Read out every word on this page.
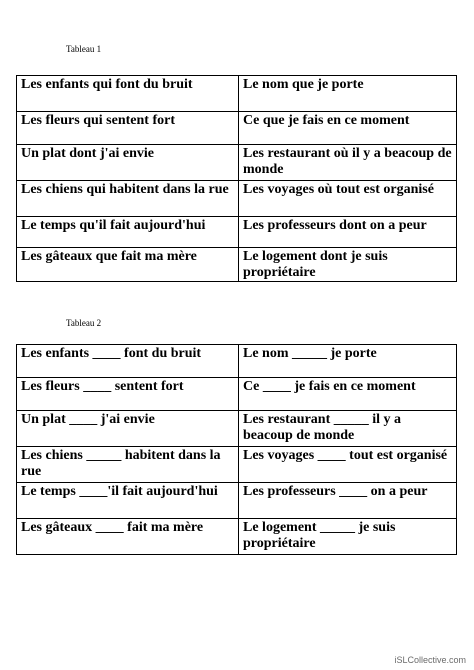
Tableau 1
Les enfants qui font du bruit	Le nom que je porte
Les fleurs qui sentent fort	Ce que je fais en ce moment
Un plat dont j'ai envie	Les restaurant où il y a beacoup de monde
Les chiens qui habitent dans la rue	Les voyages où tout est organisé
Le temps qu'il fait aujourd'hui	Les professeurs dont on a peur
Les gâteaux que fait ma mère	Le logement dont je suis propriétaire
Tableau 2
Les enfants ____ font du bruit	Le nom _____ je porte
Les fleurs ____ sentent fort	Ce ____ je fais en ce moment
Un plat ____ j'ai envie	Les restaurant _____ il y a beacoup de monde
Les chiens _____ habitent dans la rue	Les voyages ____ tout est organisé
Le temps ____'il fait aujourd'hui	Les professeurs ____ on a peur
Les gâteaux ____ fait ma mère	Le logement _____ je suis propriétaire
iSLCollective.com
